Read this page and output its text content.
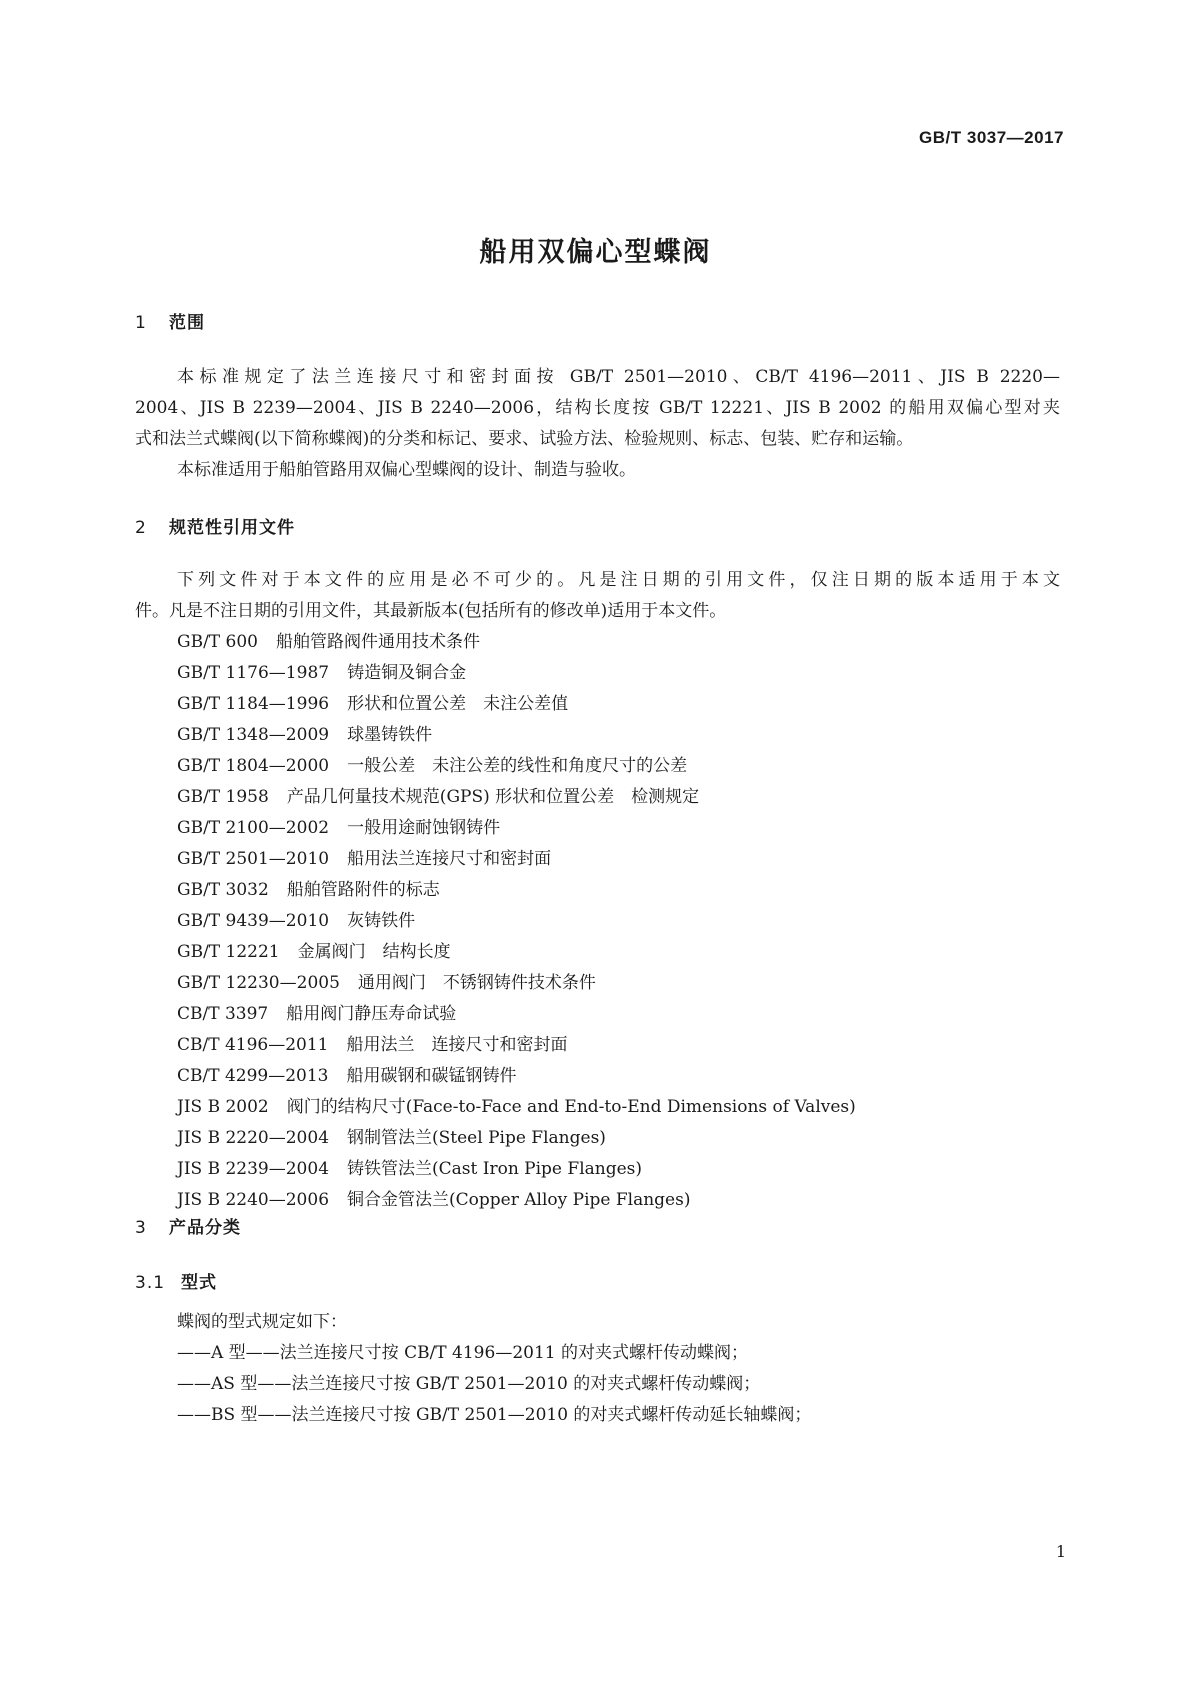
GB/T 3037—2017
船用双偏心型蝶阀
1 范围
本标准规定了法兰连接尺寸和密封面按 GB/T 2501—2010、CB/T 4196—2011、JIS B 2220—
2004、JIS B 2239—2004、JIS B 2240—2006，结构长度按 GB/T 12221、JIS B 2002 的船用双偏心型对夹
式和法兰式蝶阀(以下简称蝶阀)的分类和标记、要求、试验方法、检验规则、标志、包装、贮存和运输。
本标准适用于船舶管路用双偏心型蝶阀的设计、制造与验收。
2 规范性引用文件
下列文件对于本文件的应用是必不可少的。凡是注日期的引用文件，仅注日期的版本适用于本文
件。凡是不注日期的引用文件，其最新版本(包括所有的修改单)适用于本文件。
GB/T 600 船舶管路阀件通用技术条件
GB/T 1176—1987 铸造铜及铜合金
GB/T 1184—1996 形状和位置公差　未注公差值
GB/T 1348—2009 球墨铸铁件
GB/T 1804—2000 一般公差　未注公差的线性和角度尺寸的公差
GB/T 1958 产品几何量技术规范(GPS) 形状和位置公差　检测规定
GB/T 2100—2002 一般用途耐蚀钢铸件
GB/T 2501—2010 船用法兰连接尺寸和密封面
GB/T 3032 船舶管路附件的标志
GB/T 9439—2010 灰铸铁件
GB/T 12221 金属阀门　结构长度
GB/T 12230—2005 通用阀门　不锈钢铸件技术条件
CB/T 3397 船用阀门静压寿命试验
CB/T 4196—2011 船用法兰　连接尺寸和密封面
CB/T 4299—2013 船用碳钢和碳锰钢铸件
JIS B 2002 阀门的结构尺寸(Face-to-Face and End-to-End Dimensions of Valves)
JIS B 2220—2004 钢制管法兰(Steel Pipe Flanges)
JIS B 2239—2004 铸铁管法兰(Cast Iron Pipe Flanges)
JIS B 2240—2006 铜合金管法兰(Copper Alloy Pipe Flanges)
3 产品分类
3.1 型式
蝶阀的型式规定如下：
——A 型——法兰连接尺寸按 CB/T 4196—2011 的对夹式螺杆传动蝶阀；
——AS 型——法兰连接尺寸按 GB/T 2501—2010 的对夹式螺杆传动蝶阀；
——BS 型——法兰连接尺寸按 GB/T 2501—2010 的对夹式螺杆传动延长轴蝶阀；
1
